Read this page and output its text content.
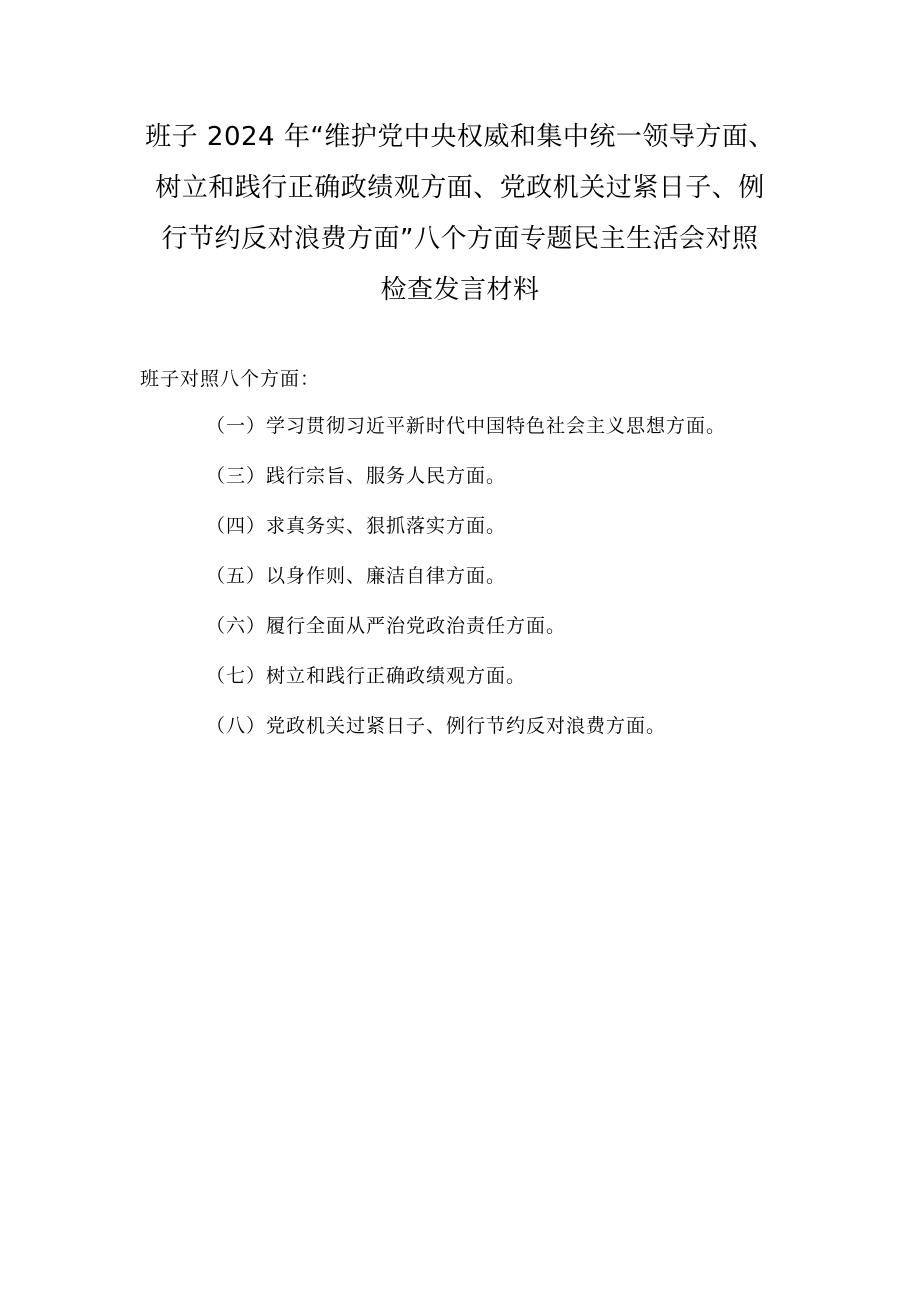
班子 2024 年“维护党中央权威和集中统一领导方面、
树立和践行正确政绩观方面、党政机关过紧日子、例
行节约反对浪费方面”八个方面专题民主生活会对照
检查发言材料

班子对照八个方面：

（一）学习贯彻习近平新时代中国特色社会主义思想方面。
（三）践行宗旨、服务人民方面。
（四）求真务实、狠抓落实方面。
（五）以身作则、廉洁自律方面。
（六）履行全面从严治党政治责任方面。
（七）树立和践行正确政绩观方面。
（八）党政机关过紧日子、例行节约反对浪费方面。
